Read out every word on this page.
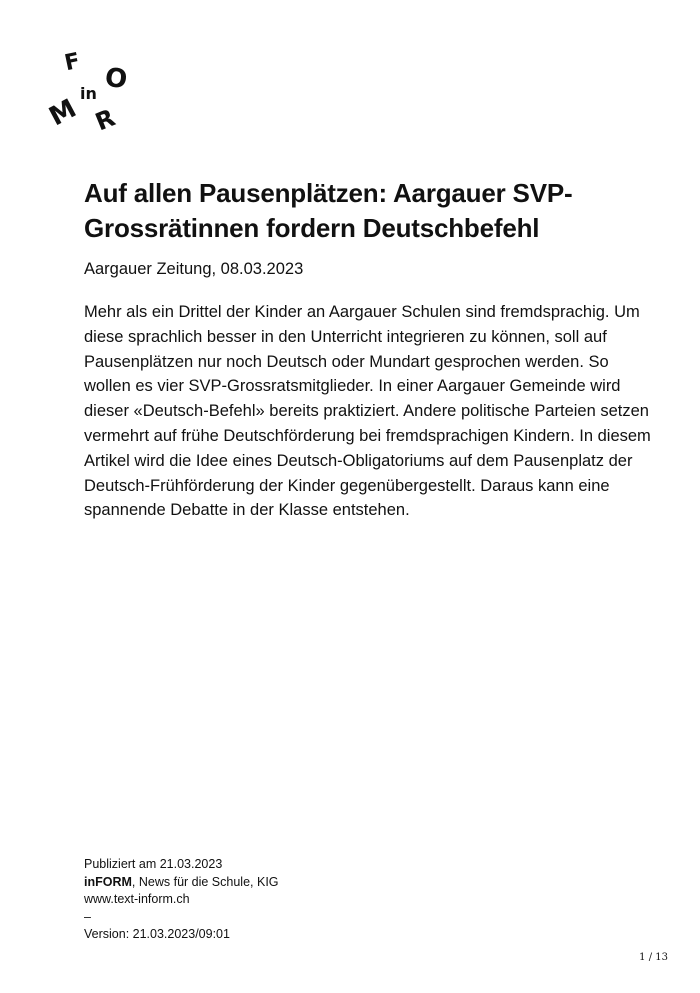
F
O
in
M R
Auf allen Pausenplätzen: Aargauer SVP-Grossrätinnen fordern Deutschbefehl
Aargauer Zeitung, 08.03.2023

Mehr als ein Drittel der Kinder an Aargauer Schulen sind fremdsprachig. Um diese sprachlich besser in den Unterricht integrieren zu können, soll auf Pausenplätzen nur noch Deutsch oder Mundart gesprochen werden. So wollen es vier SVP-Grossratsmitglieder. In einer Aargauer Gemeinde wird dieser «Deutsch-Befehl» bereits praktiziert. Andere politische Parteien setzen vermehrt auf frühe Deutschförderung bei fremdsprachigen Kindern. In diesem Artikel wird die Idee eines Deutsch-Obligatoriums auf dem Pausenplatz der Deutsch-Frühförderung der Kinder gegenübergestellt. Daraus kann eine spannende Debatte in der Klasse entstehen.

Publiziert am 21.03.2023
inFORM, News für die Schule, KIG
www.text-inform.ch
–
Version: 21.03.2023/09:01
1 / 13
